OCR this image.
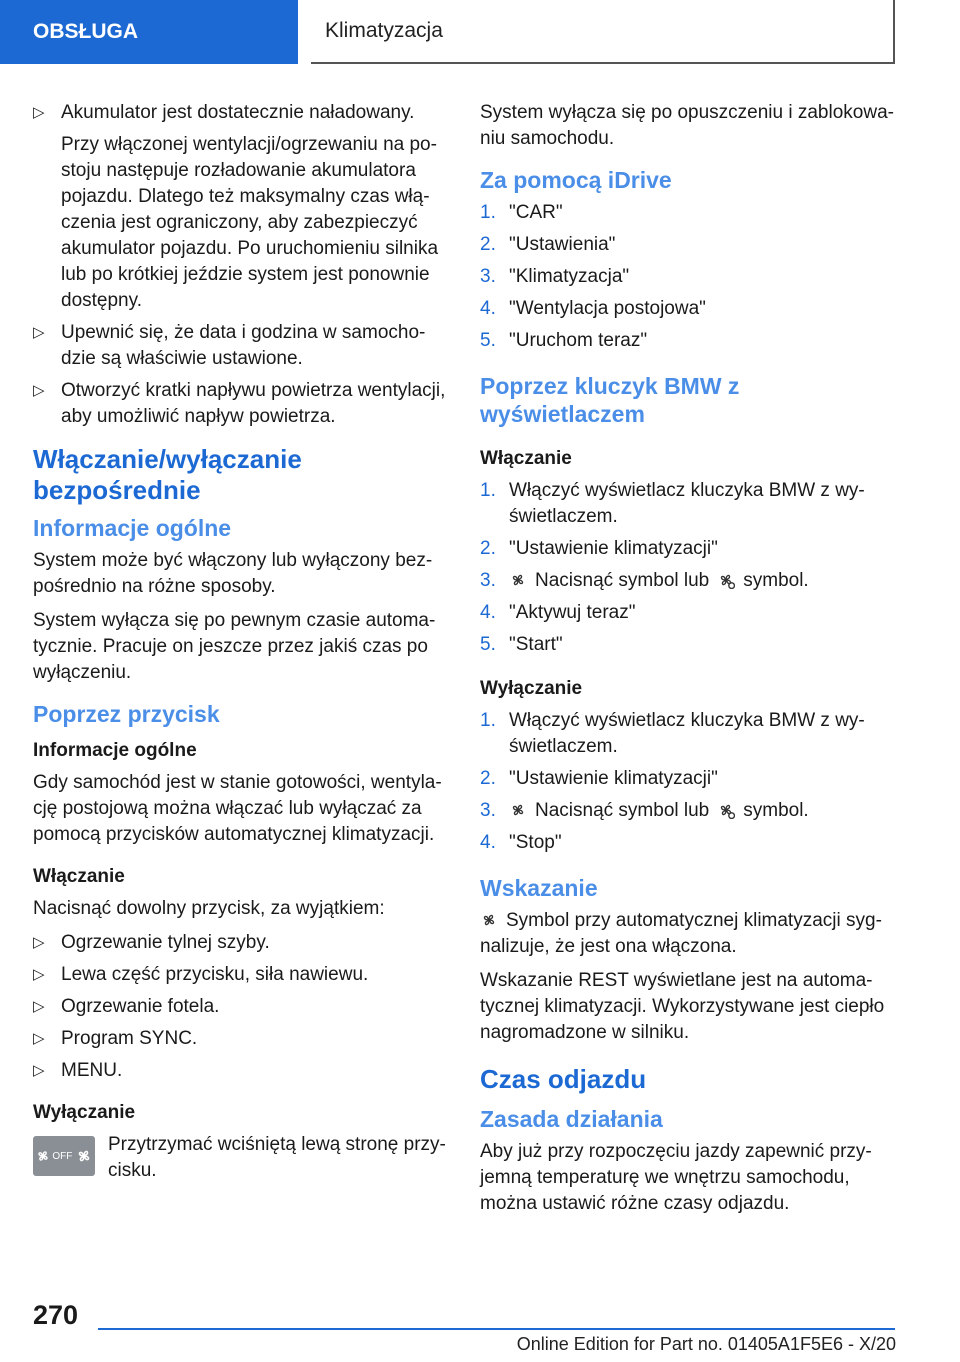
OBSŁUGA	Klimatyzacja

▷ Akumulator jest dostatecznie naładowany.

Przy włączonej wentylacji/ogrzewaniu na po-stoju następuje rozładowanie akumulatora pojazdu. Dlatego też maksymalny czas włą-czenia jest ograniczony, aby zabezpieczyć akumulator pojazdu. Po uruchomieniu silnika lub po krótkiej jeździe system jest ponownie dostępny.

▷ Upewnić się, że data i godzina w samocho-dzie są właściwie ustawione.

▷ Otworzyć kratki napływu powietrza wentylacji, aby umożliwić napływ powietrza.

Włączanie/wyłączanie bezpośrednie
Informacje ogólne

System może być włączony lub wyłączony bez-pośrednio na różne sposoby.

System wyłącza się po pewnym czasie automa-tycznie. Pracuje on jeszcze przez jakiś czas po wyłączeniu.

Poprzez przycisk
Informacje ogólne

Gdy samochód jest w stanie gotowości, wentyla-cję postojową można włączać lub wyłączać za pomocą przycisków automatycznej klimatyzacji.

Włączanie

Nacisnąć dowolny przycisk, za wyjątkiem:

▷ Ogrzewanie tylnej szyby.

▷ Lewa część przycisku, siła nawiewu.

▷ Ogrzewanie fotela.

▷ Program SYNC.

▷ MENU.

Wyłączanie
OFF

Przytrzymać wciśniętą lewą stronę przy-cisku.

System wyłącza się po opuszczeniu i zablokowa-niu samochodu.

Za pomocą iDrive
1. "CAR"
2. "Ustawienia"
3. "Klimatyzacja"
4. "Wentylacja postojowa"
5. "Uruchom teraz"
Poprzez kluczyk BMW z wyświetlaczem
Włączanie
1. Włączyć wyświetlacz kluczyka BMW z wy-świetlaczem.
2. "Ustawienie klimatyzacji"
3. Nacisnąć symbol lub symbol.
4. "Aktywuj teraz"
5. "Start"
Wyłączanie
1. Włączyć wyświetlacz kluczyka BMW z wy-świetlaczem.
2. "Ustawienie klimatyzacji"
3. Nacisnąć symbol lub symbol.
4. "Stop"
Wskazanie

Symbol przy automatycznej klimatyzacji syg-nalizuje, że jest ona włączona.

Wskazanie REST wyświetlane jest na automa-tycznej klimatyzacji. Wykorzystywane jest ciepło nagromadzone w silniku.

Czas odjazdu
Zasada działania

Aby już przy rozpoczęciu jazdy zapewnić przy-jemną temperaturę we wnętrzu samochodu, można ustawić różne czasy odjazdu.

270
Online Edition for Part no. 01405A1F5E6 - X/20
